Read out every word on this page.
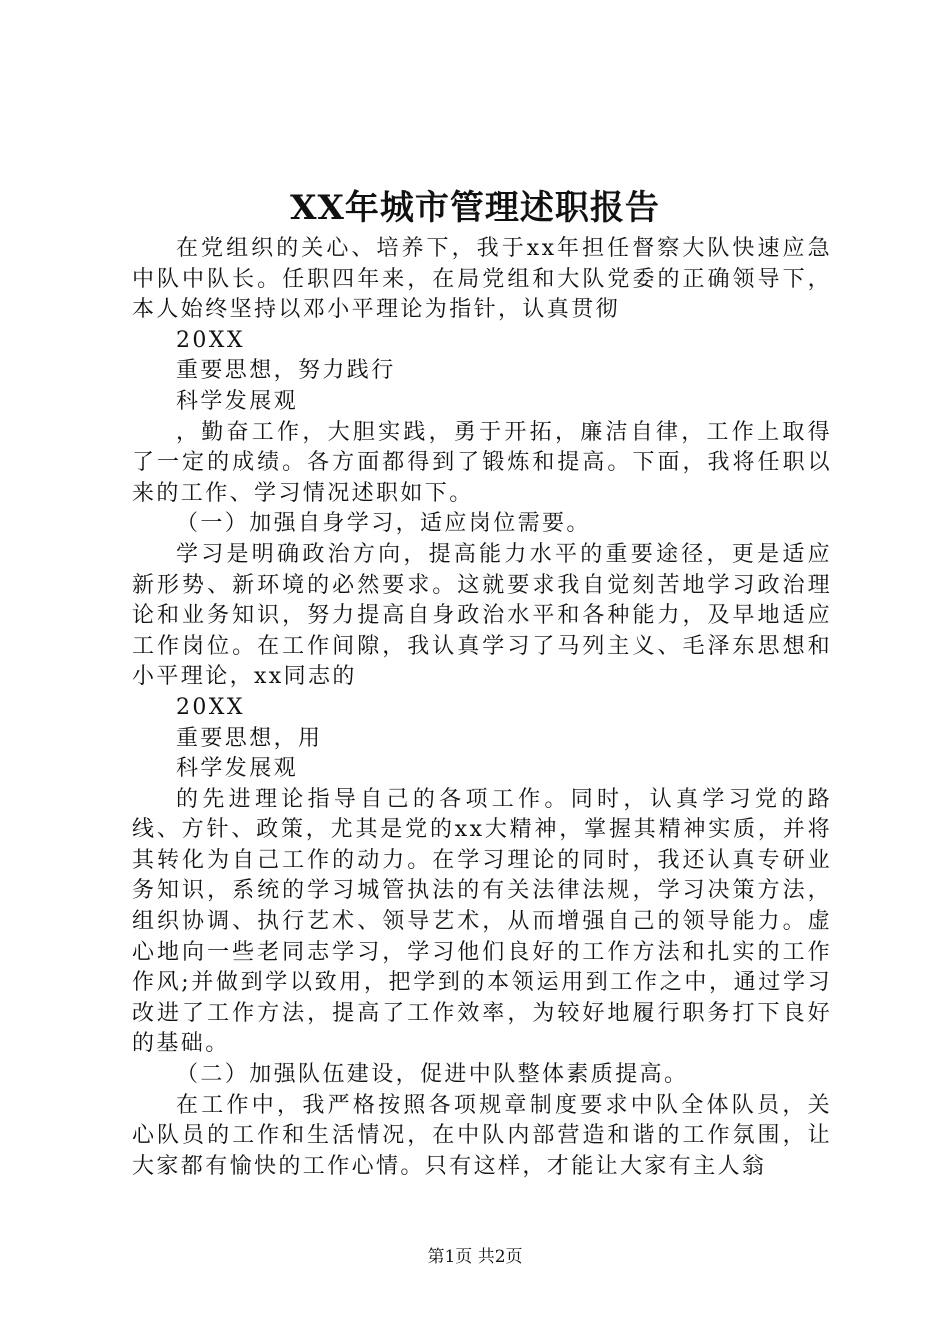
XX年城市管理述职报告

在党组织的关心、培养下，我于xx年担任督察大队快速应急中队中队长。任职四年来，在局党组和大队党委的正确领导下，本人始终坚持以邓小平理论为指针，认真贯彻

20XX

重要思想，努力践行

科学发展观

，勤奋工作，大胆实践，勇于开拓，廉洁自律，工作上取得了一定的成绩。各方面都得到了锻炼和提高。下面，我将任职以来的工作、学习情况述职如下。

（一）加强自身学习，适应岗位需要。

学习是明确政治方向，提高能力水平的重要途径，更是适应新形势、新环境的必然要求。这就要求我自觉刻苦地学习政治理论和业务知识，努力提高自身政治水平和各种能力，及早地适应工作岗位。在工作间隙，我认真学习了马列主义、毛泽东思想和小平理论，xx同志的

20XX

重要思想，用

科学发展观

的先进理论指导自己的各项工作。同时，认真学习党的路线、方针、政策，尤其是党的xx大精神，掌握其精神实质，并将其转化为自己工作的动力。在学习理论的同时，我还认真专研业务知识，系统的学习城管执法的有关法律法规，学习决策方法，组织协调、执行艺术、领导艺术，从而增强自己的领导能力。虚心地向一些老同志学习，学习他们良好的工作方法和扎实的工作作风;并做到学以致用，把学到的本领运用到工作之中，通过学习改进了工作方法，提高了工作效率，为较好地履行职务打下良好的基础。

（二）加强队伍建设，促进中队整体素质提高。

在工作中，我严格按照各项规章制度要求中队全体队员，关心队员的工作和生活情况，在中队内部营造和谐的工作氛围，让大家都有愉快的工作心情。只有这样，才能让大家有主人翁

第1页 共2页
